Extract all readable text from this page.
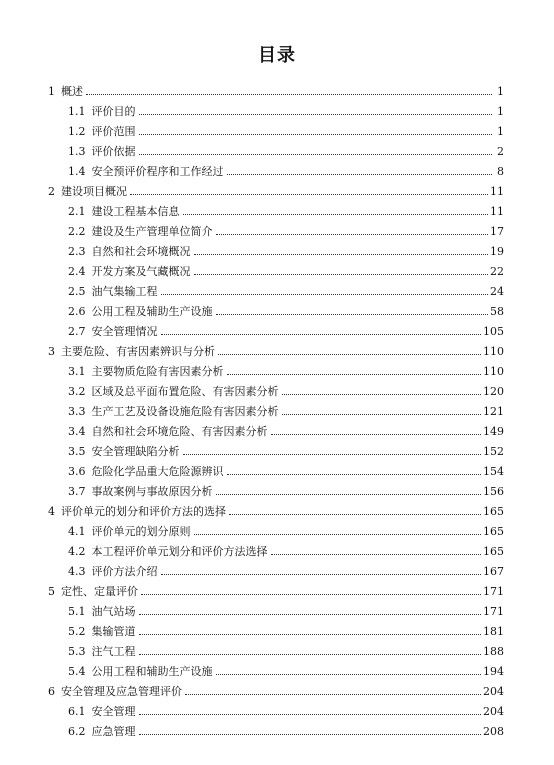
目录
1 概述	1
1.1 评价目的	1
1.2 评价范围	1
1.3 评价依据	2
1.4 安全预评价程序和工作经过	8
2 建设项目概况	11
2.1 建设工程基本信息	11
2.2 建设及生产管理单位简介	17
2.3 自然和社会环境概况	19
2.4 开发方案及气藏概况	22
2.5 油气集输工程	24
2.6 公用工程及辅助生产设施	58
2.7 安全管理情况	105
3 主要危险、有害因素辨识与分析	110
3.1 主要物质危险有害因素分析	110
3.2 区域及总平面布置危险、有害因素分析	120
3.3 生产工艺及设备设施危险有害因素分析	121
3.4 自然和社会环境危险、有害因素分析	149
3.5 安全管理缺陷分析	152
3.6 危险化学品重大危险源辨识	154
3.7 事故案例与事故原因分析	156
4 评价单元的划分和评价方法的选择	165
4.1 评价单元的划分原则	165
4.2 本工程评价单元划分和评价方法选择	165
4.3 评价方法介绍	167
5 定性、定量评价	171
5.1 油气站场	171
5.2 集输管道	181
5.3 注气工程	188
5.4 公用工程和辅助生产设施	194
6 安全管理及应急管理评价	204
6.1 安全管理	204
6.2 应急管理	208
